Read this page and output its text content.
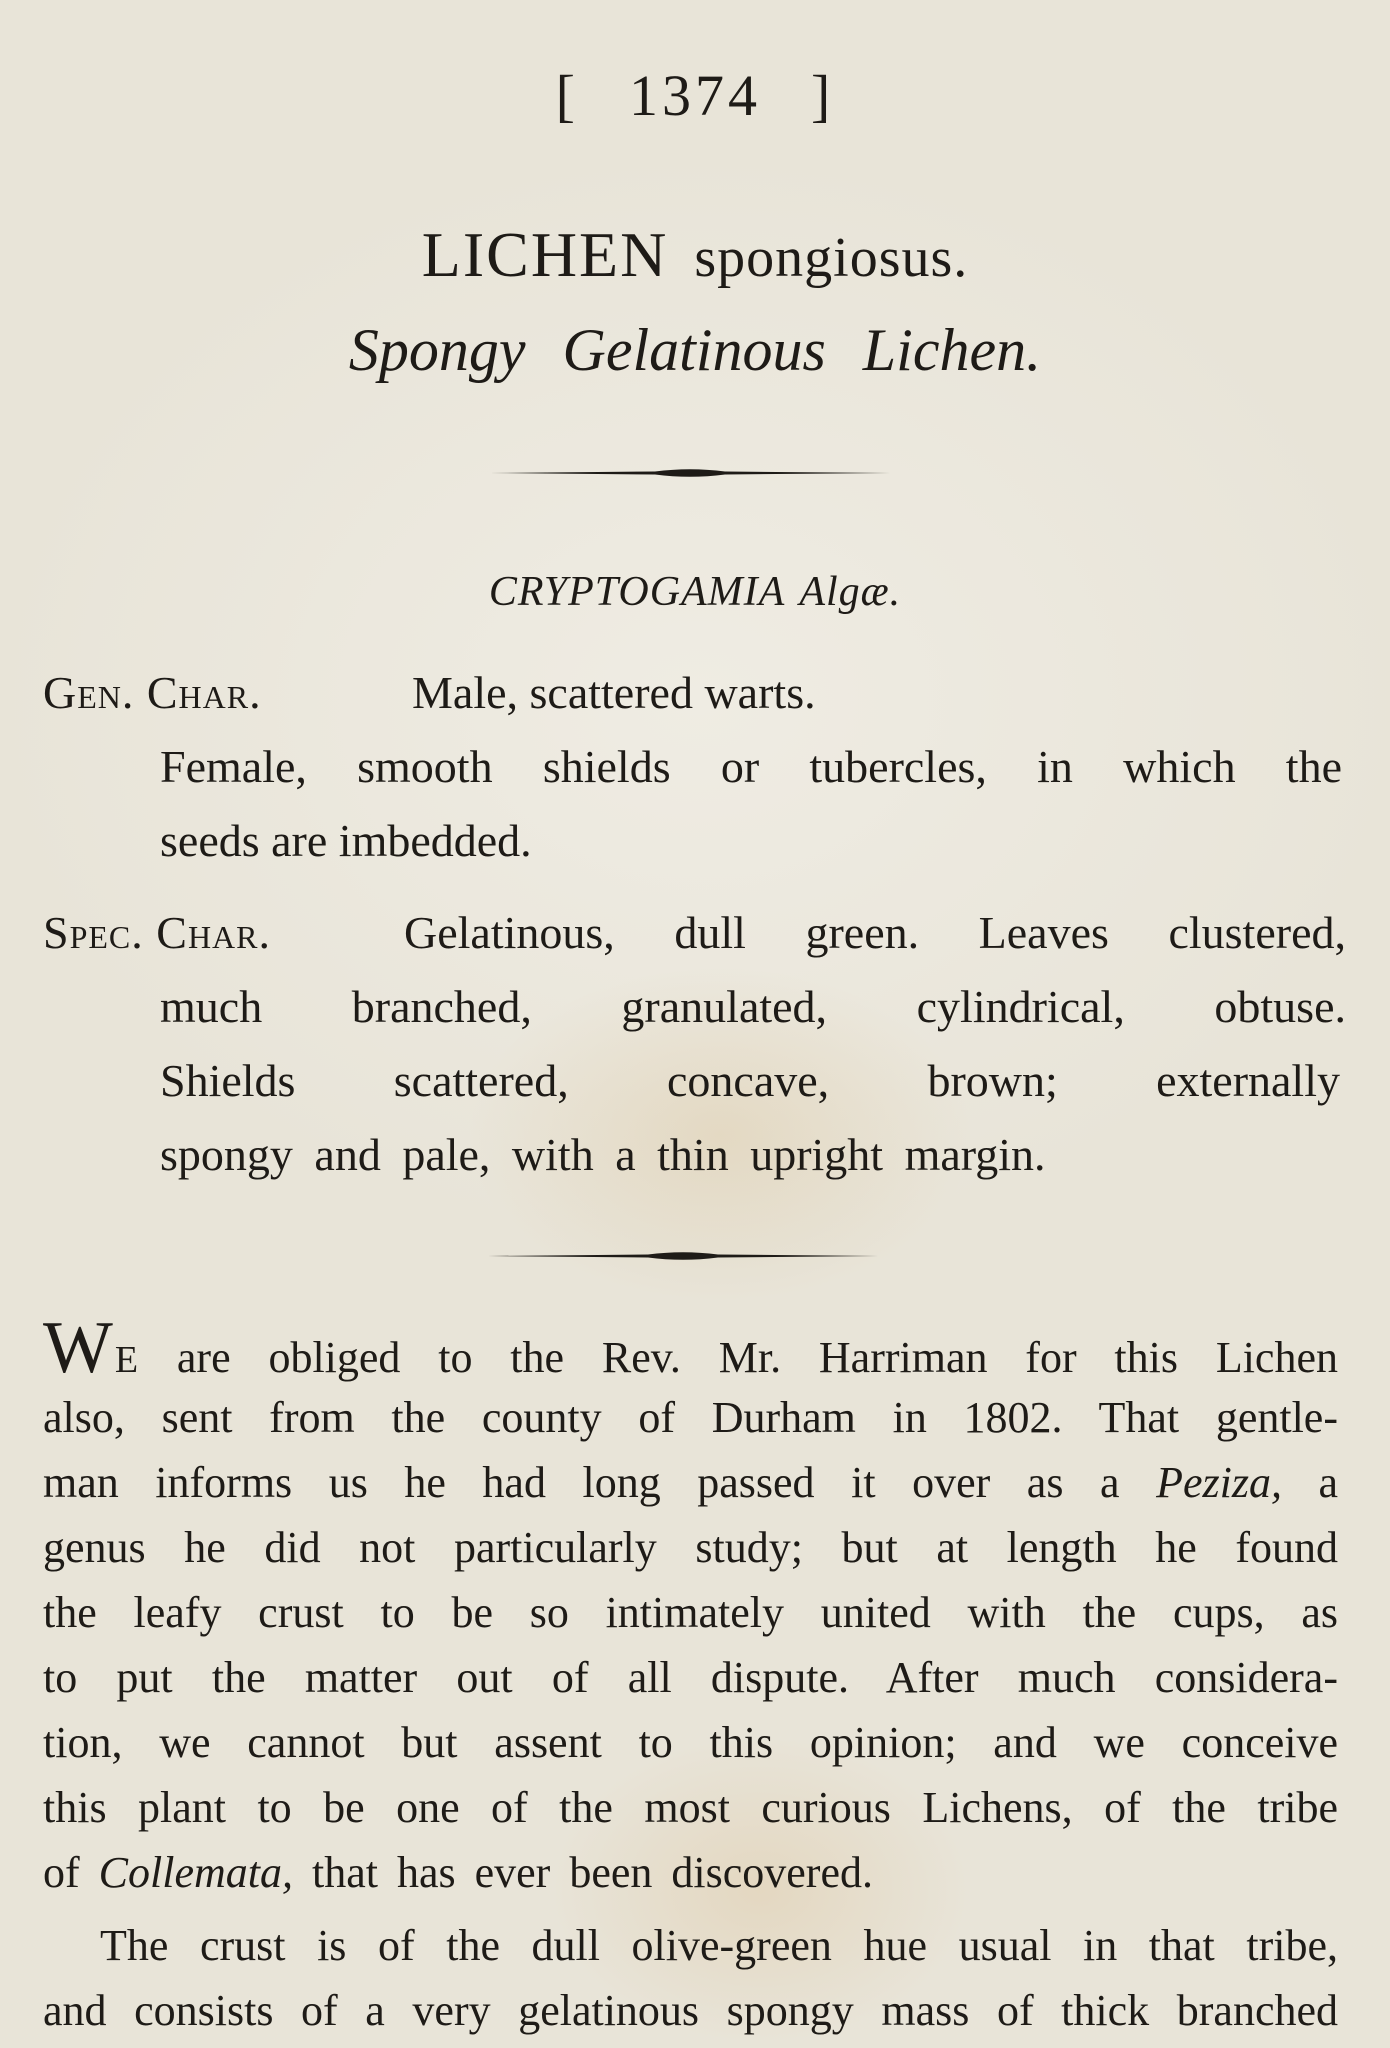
[ 1374 ]
LICHEN spongiosus.
Spongy Gelatinous Lichen.
CRYPTOGAMIA Algæ.
Gen. Char.	Male, scattered warts.
Female, smooth shields or tubercles, in which the
seeds are imbedded.
Spec. Char.	Gelatinous, dull green. Leaves clustered,
much branched, granulated, cylindrical, obtuse.
Shields scattered, concave, brown; externally
spongy and pale, with a thin upright margin.
WE are obliged to the Rev. Mr. Harriman for this Lichen
also, sent from the county of Durham in 1802. That gentle-
man informs us he had long passed it over as a Peziza, a
genus he did not particularly study; but at length he found
the leafy crust to be so intimately united with the cups, as
to put the matter out of all dispute. After much considera-
tion, we cannot but assent to this opinion; and we conceive
this plant to be one of the most curious Lichens, of the tribe
of Collemata, that has ever been discovered.
The crust is of the dull olive-green hue usual in that tribe,
and consists of a very gelatinous spongy mass of thick branched
